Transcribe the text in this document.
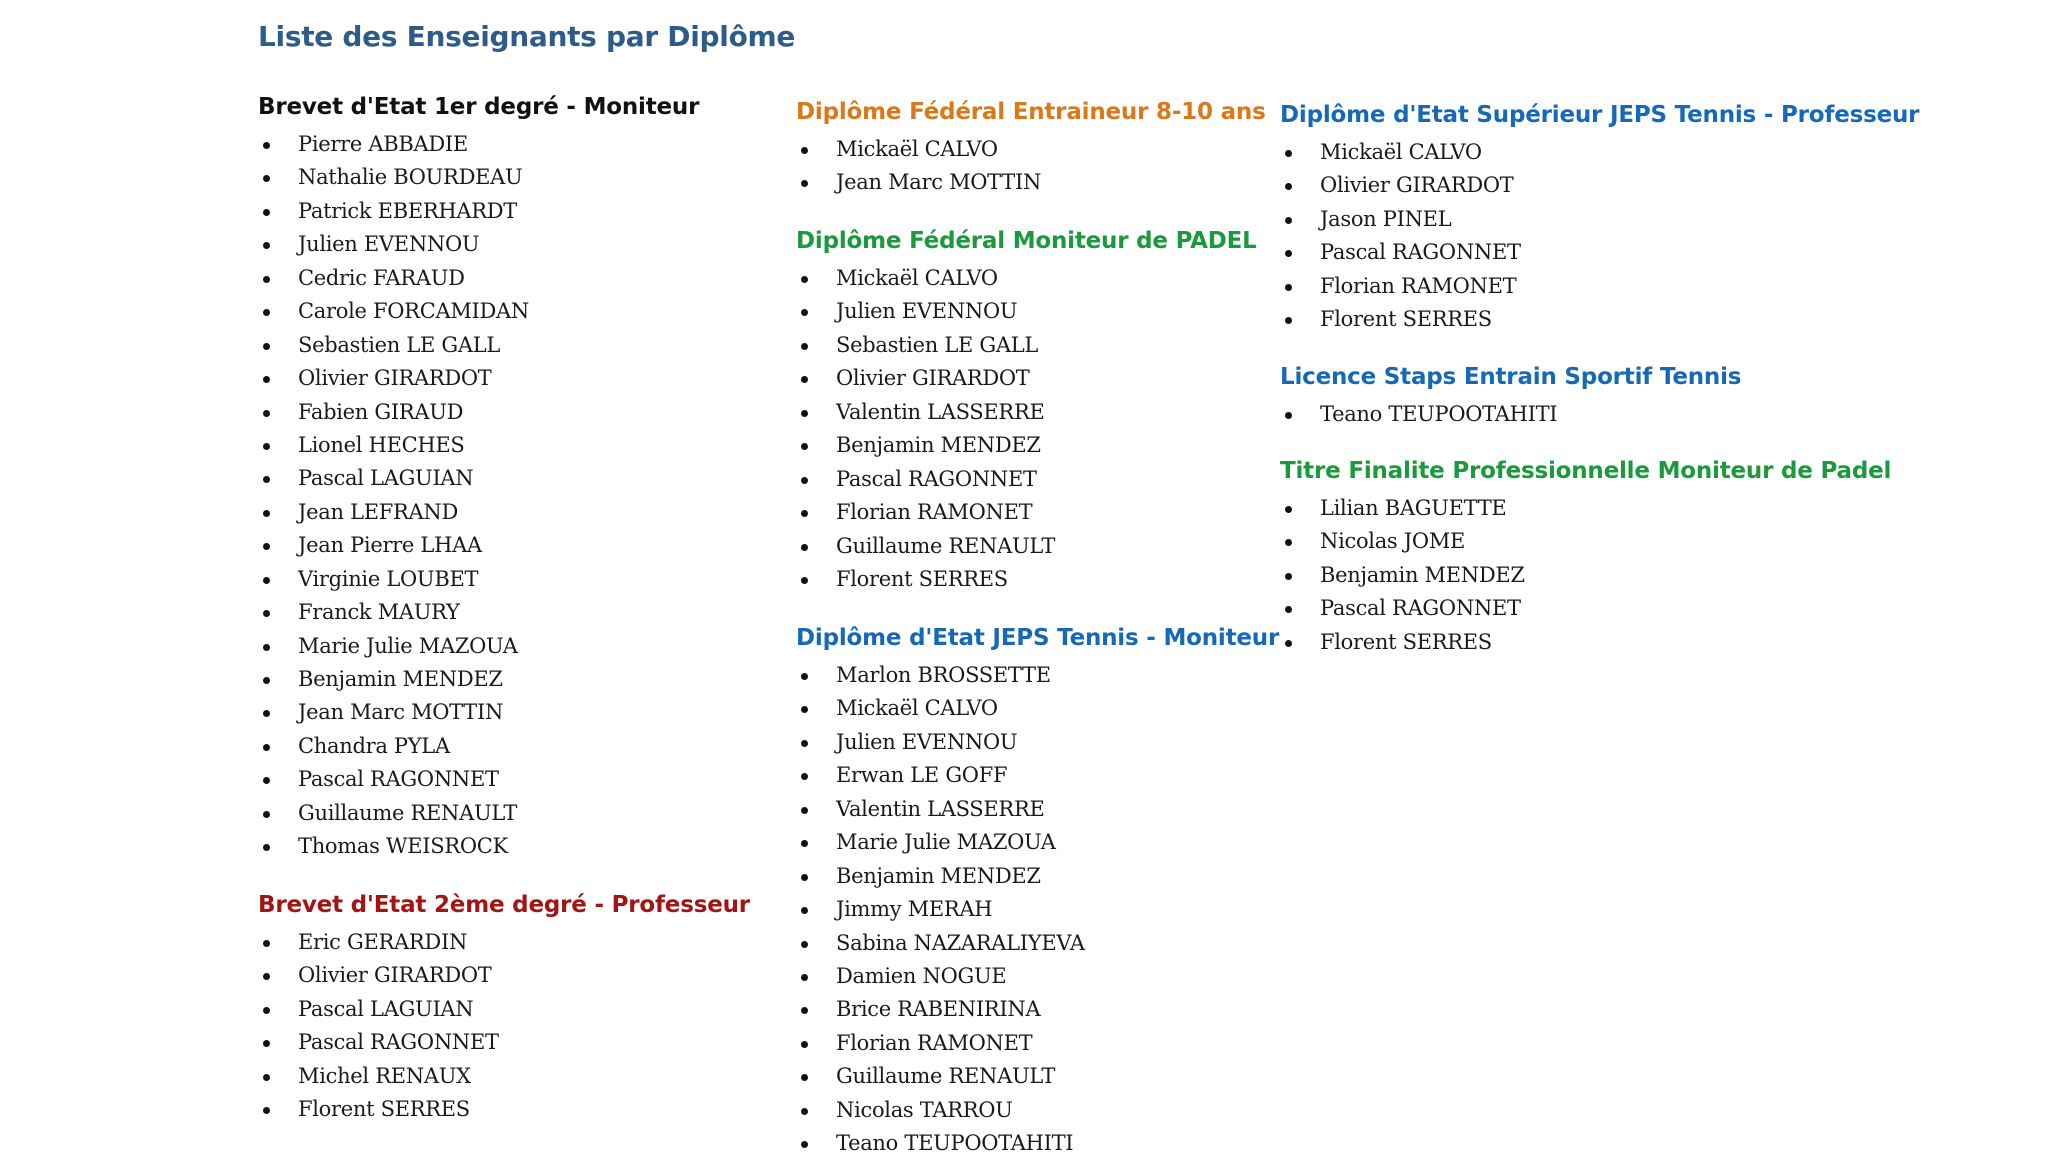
Liste des Enseignants par Diplôme
Brevet d'Etat 1er degré - Moniteur
Pierre ABBADIE
Nathalie BOURDEAU
Patrick EBERHARDT
Julien EVENNOU
Cedric FARAUD
Carole FORCAMIDAN
Sebastien LE GALL
Olivier GIRARDOT
Fabien GIRAUD
Lionel HECHES
Pascal LAGUIAN
Jean LEFRAND
Jean Pierre LHAA
Virginie LOUBET
Franck MAURY
Marie Julie MAZOUA
Benjamin MENDEZ
Jean Marc MOTTIN
Chandra PYLA
Pascal RAGONNET
Guillaume RENAULT
Thomas WEISROCK
Brevet d'Etat 2ème degré - Professeur
Eric GERARDIN
Olivier GIRARDOT
Pascal LAGUIAN
Pascal RAGONNET
Michel RENAUX
Florent SERRES
Diplôme Fédéral Entraineur 8-10 ans
Mickaël CALVO
Jean Marc MOTTIN
Diplôme Fédéral Moniteur de PADEL
Mickaël CALVO
Julien EVENNOU
Sebastien LE GALL
Olivier GIRARDOT
Valentin LASSERRE
Benjamin MENDEZ
Pascal RAGONNET
Florian RAMONET
Guillaume RENAULT
Florent SERRES
Diplôme d'Etat JEPS Tennis - Moniteur
Marlon BROSSETTE
Mickaël CALVO
Julien EVENNOU
Erwan LE GOFF
Valentin LASSERRE
Marie Julie MAZOUA
Benjamin MENDEZ
Jimmy MERAH
Sabina NAZARALIYEVA
Damien NOGUE
Brice RABENIRINA
Florian RAMONET
Guillaume RENAULT
Nicolas TARROU
Teano TEUPOOTAHITI
Diplôme d'Etat Supérieur JEPS Tennis - Professeur
Mickaël CALVO
Olivier GIRARDOT
Jason PINEL
Pascal RAGONNET
Florian RAMONET
Florent SERRES
Licence Staps Entrain Sportif Tennis
Teano TEUPOOTAHITI
Titre Finalite Professionnelle Moniteur de Padel
Lilian BAGUETTE
Nicolas JOME
Benjamin MENDEZ
Pascal RAGONNET
Florent SERRES
